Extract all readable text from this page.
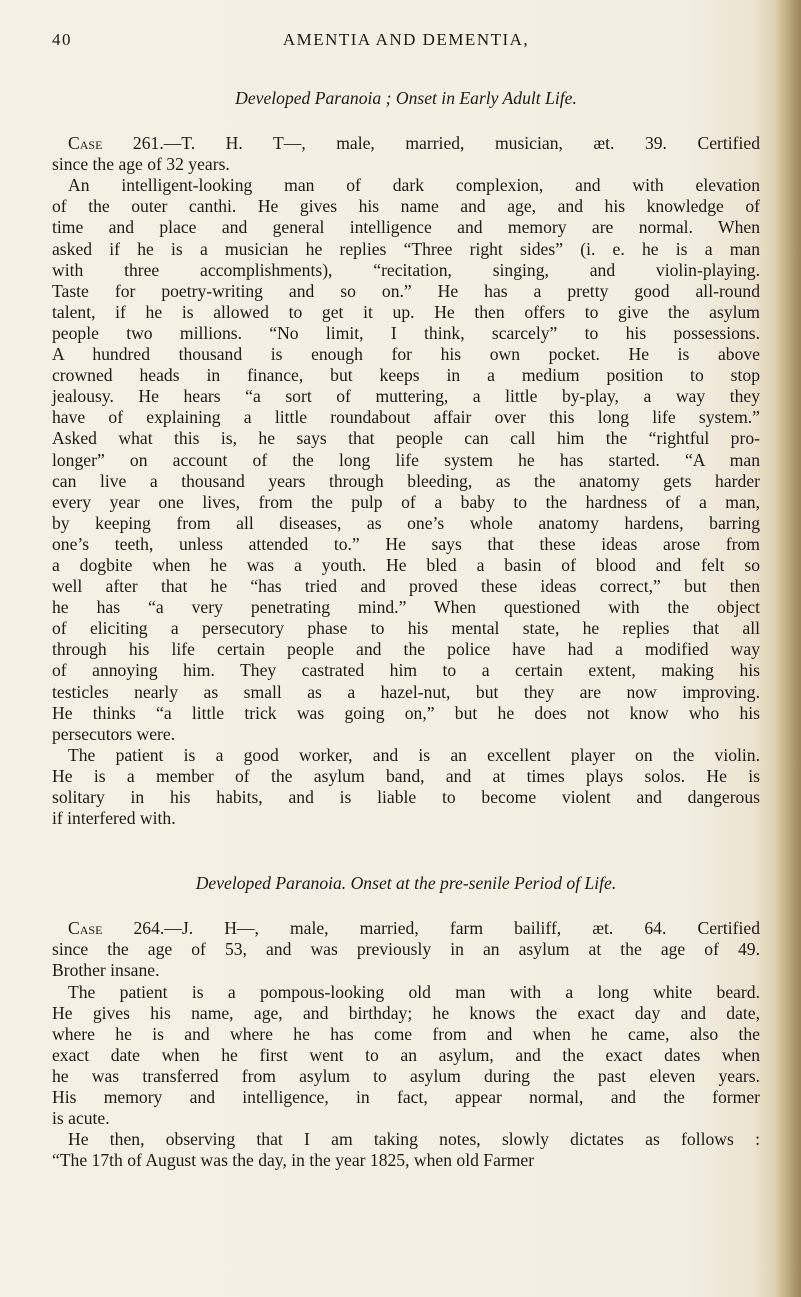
40	AMENTIA AND DEMENTIA,
Developed Paranoia ; Onset in Early Adult Life.
Case 261.—T. H. T—, male, married, musician, æt. 39. Certified
since the age of 32 years.
An intelligent-looking man of dark complexion, and with elevation
of the outer canthi. He gives his name and age, and his knowledge of
time and place and general intelligence and memory are normal. When
asked if he is a musician he replies “Three right sides” (i. e. he is a man
with three accomplishments), “recitation, singing, and violin-playing.
Taste for poetry-writing and so on.” He has a pretty good all-round
talent, if he is allowed to get it up. He then offers to give the asylum
people two millions. “No limit, I think, scarcely” to his possessions.
A hundred thousand is enough for his own pocket. He is above
crowned heads in finance, but keeps in a medium position to stop
jealousy. He hears “a sort of muttering, a little by-play, a way they
have of explaining a little roundabout affair over this long life system.”
Asked what this is, he says that people can call him the “rightful pro-
longer” on account of the long life system he has started. “A man
can live a thousand years through bleeding, as the anatomy gets harder
every year one lives, from the pulp of a baby to the hardness of a man,
by keeping from all diseases, as one’s whole anatomy hardens, barring
one’s teeth, unless attended to.” He says that these ideas arose from
a dogbite when he was a youth. He bled a basin of blood and felt so
well after that he “has tried and proved these ideas correct,” but then
he has “a very penetrating mind.” When questioned with the object
of eliciting a persecutory phase to his mental state, he replies that all
through his life certain people and the police have had a modified way
of annoying him. They castrated him to a certain extent, making his
testicles nearly as small as a hazel-nut, but they are now improving.
He thinks “a little trick was going on,” but he does not know who his
persecutors were.
The patient is a good worker, and is an excellent player on the violin.
He is a member of the asylum band, and at times plays solos. He is
solitary in his habits, and is liable to become violent and dangerous
if interfered with.
Developed Paranoia. Onset at the pre-senile Period of Life.
Case 264.—J. H—, male, married, farm bailiff, æt. 64. Certified
since the age of 53, and was previously in an asylum at the age of 49.
Brother insane.
The patient is a pompous-looking old man with a long white beard.
He gives his name, age, and birthday; he knows the exact day and date,
where he is and where he has come from and when he came, also the
exact date when he first went to an asylum, and the exact dates when
he was transferred from asylum to asylum during the past eleven years.
His memory and intelligence, in fact, appear normal, and the former
is acute.
He then, observing that I am taking notes, slowly dictates as follows :
“The 17th of August was the day, in the year 1825, when old Farmer
